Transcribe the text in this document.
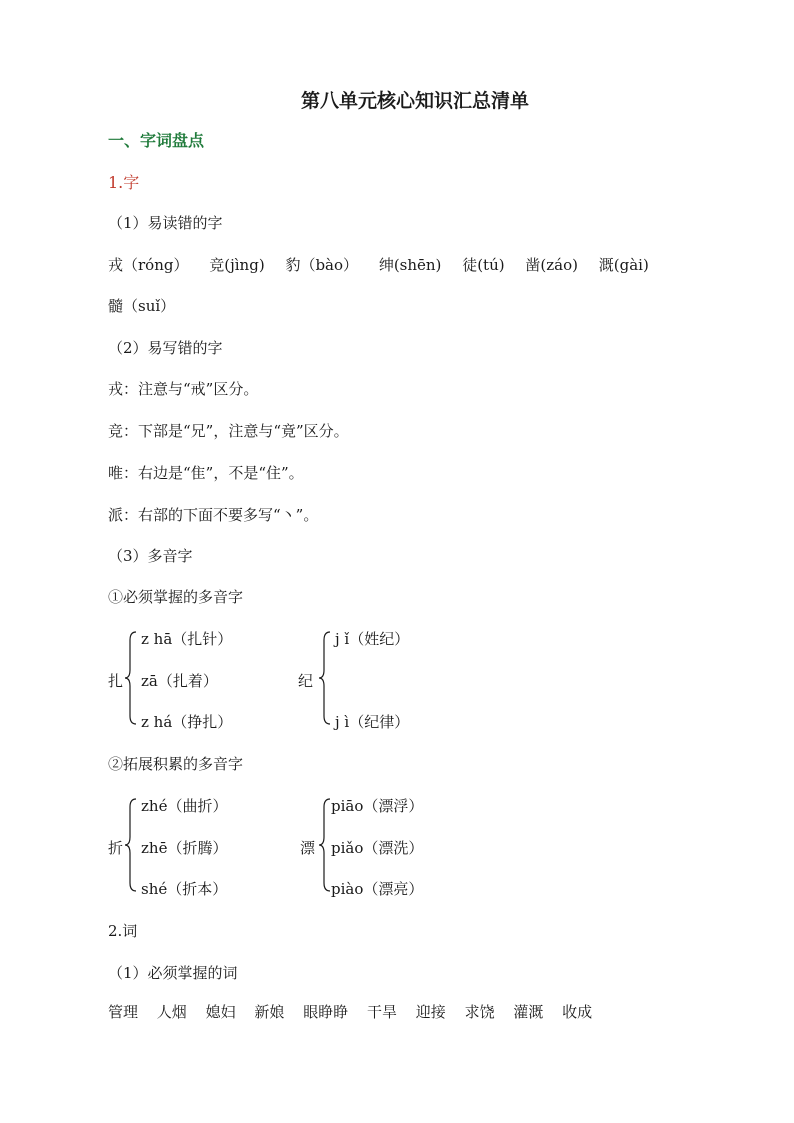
第八单元核心知识汇总清单
一、字词盘点
1.字
（1）易读错的字
戎（róng） 竞(jìng) 豹（bào） 绅(shēn) 徒(tú) 凿(záo) 溉(gài)
髓（suǐ）
（2）易写错的字
戎：注意与“戒”区分。
竞：下部是“兄”，注意与“竟”区分。
唯：右边是“隹”，不是“住”。
派：右部的下面不要多写“丶”。
（3）多音字
①必须掌握的多音字
扎
z hā（扎针）
zā（扎着）
z há（挣扎）
纪
j ǐ（姓纪）
j ì（纪律）
②拓展积累的多音字
折
zhé（曲折）
zhē（折腾）
shé（折本）
漂
piāo（漂浮）
piǎo（漂洗）
piào（漂亮）
2.词
（1）必须掌握的词
管理 人烟 媳妇 新娘 眼睁睁 干旱 迎接 求饶 灌溉 收成
